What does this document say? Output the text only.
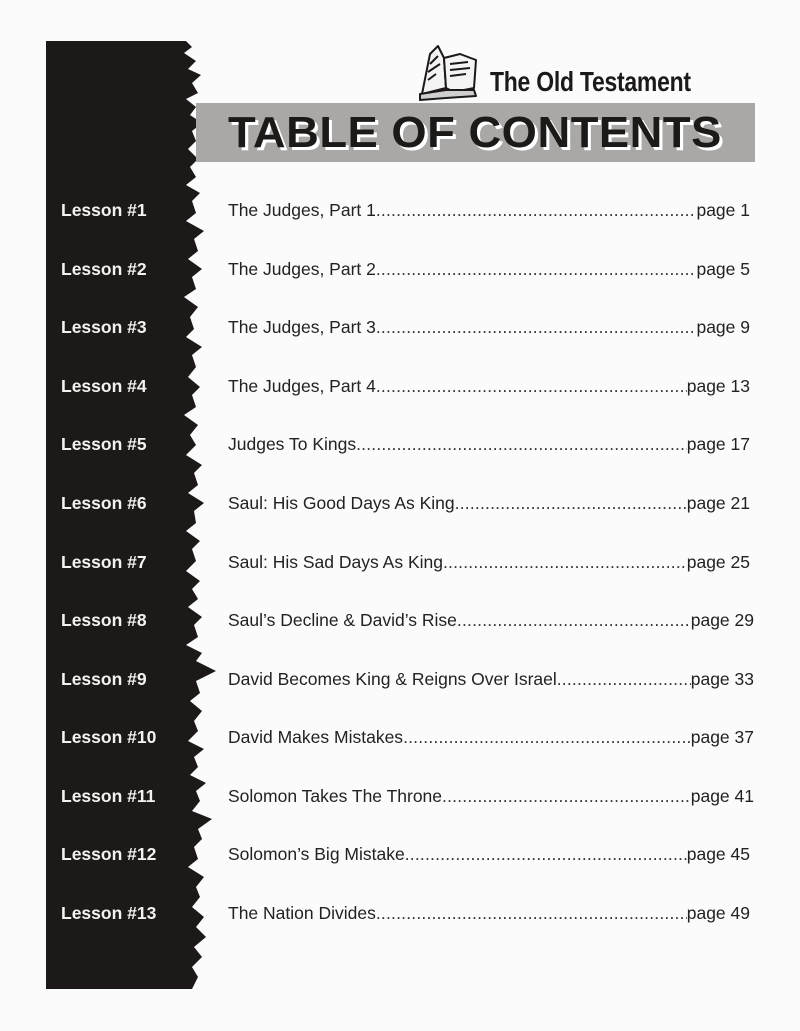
The Old Testament
TABLE OF CONTENTS
Lesson #1	The Judges, Part 1 .....	page 1
Lesson #2	The Judges, Part 2 .....	page 5
Lesson #3	The Judges, Part 3 .....	page 9
Lesson #4	The Judges, Part 4 .....	page 13
Lesson #5	Judges To Kings .....	page 17
Lesson #6	Saul: His Good Days As King .....	page 21
Lesson #7	Saul: His Sad Days As King .....	page 25
Lesson #8	Saul’s Decline & David’s Rise .....	page 29
Lesson #9	David Becomes King & Reigns Over Israel .....	page 33
Lesson #10	David Makes Mistakes .....	page 37
Lesson #11	Solomon Takes The Throne .....	page 41
Lesson #12	Solomon’s Big Mistake .....	page 45
Lesson #13	The Nation Divides .....	page 49
